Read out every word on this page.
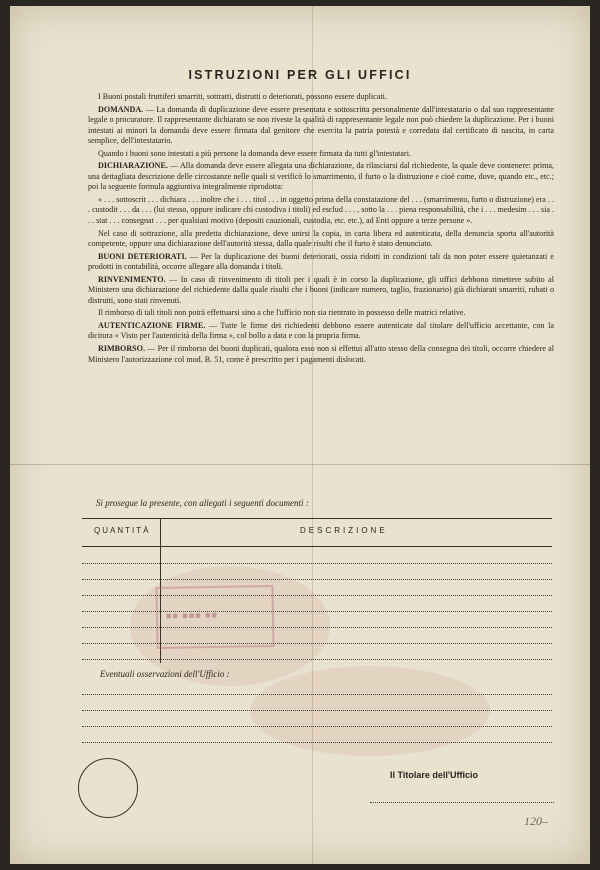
ISTRUZIONI PER GLI UFFICI

I Buoni postali fruttiferi smarriti, sottratti, distrutti o deteriorati, possono essere duplicati.

DOMANDA. — La domanda di duplicazione deve essere presentata e sottoscritta personalmente dall'intestatario o dal suo rappresentante legale o procuratore. Il rappresentante dichiarato se non riveste la qualità di rappresentante legale non può chiedere la duplicazione. Per i buoni intestati ai minori la domanda deve essere firmata dal genitore che esercita la patria potestà e corredata dal certificato di nascita, in carta semplice, dell'intestatario.

Quando i buoni sono intestati a più persone la domanda deve essere firmata da tutti gl'intestatari.

DICHIARAZIONE. — Alla domanda deve essere allegata una dichiarazione, da rilasciarsi dal richiedente, la quale deve contenere: prima, una dettagliata descrizione delle circostanze nelle quali si verificò lo smarrimento, il furto o la distruzione e cioè come, dove, quando etc., etc.; poi la seguente formula aggiuntiva integralmente riprodotta:

« . . . sottoscrit . . . dichiara . . . inoltre che i . . . titol . . . in oggetto prima della constatazione del . . . (smarrimento, furto o distruzione) era . . . custodit . . . da . . . (lui stesso, oppure indicare chi custodiva i titoli) ed esclud . . . , sotto la . . . piena responsabilità, che i . . . medesim . . . sia . . . stat . . . consegnat . . . per qualsiasi motivo (depositi cauzionali, custodia, etc. etc.), ad Enti oppure a terze persone ».

Nel caso di sottrazione, alla predetta dichiarazione, deve unirsi la copia, in carta libera ed autenticata, della denuncia sporta all'autorità competente, oppure una dichiarazione dell'autorità stessa, dalla quale risulti che il furto è stato denunciato.

BUONI DETERIORATI. — Per la duplicazione dei buoni deteriorati, ossia ridotti in condizioni tali da non poter essere quietanzati e prodotti in contabilità, occorre allegare alla domanda i titoli.

RINVENIMENTO. — In caso di rinvenimento di titoli per i quali è in corso la duplicazione, gli uffici debbono rimettere subito al Ministero una dichiarazione del richiedente dalla quale risulti che i buoni (indicare numero, taglio, frazionario) già dichiarati smarriti, rubati o distrutti, sono stati rinvenuti.

Il rimborso di tali titoli non potrà effettuarsi sino a che l'ufficio non sia rientrato in possesso delle matrici relative.

AUTENTICAZIONE FIRME. — Tutte le firme dei richiedenti debbono essere autenticate dal titolare dell'ufficio accettante, con la dicitura « Visto per l'autenticità della firma », col bollo a data e con la propria firma.

RIMBORSO. — Per il rimborso dei buoni duplicati, qualora esso non si effettui all'atto stesso della consegna dei titoli, occorre chiedere al Ministero l'autorizzazione col mod. B. 51, come è prescritto per i pagamenti dislocati.

Si prosegue la presente, con allegati i seguenti documenti :
QUANTITÀ	DESCRIZIONE
■■ ■■■ ■■
Eventuali osservazioni dell'Ufficio :
Il Titolare dell'Ufficio
120–
